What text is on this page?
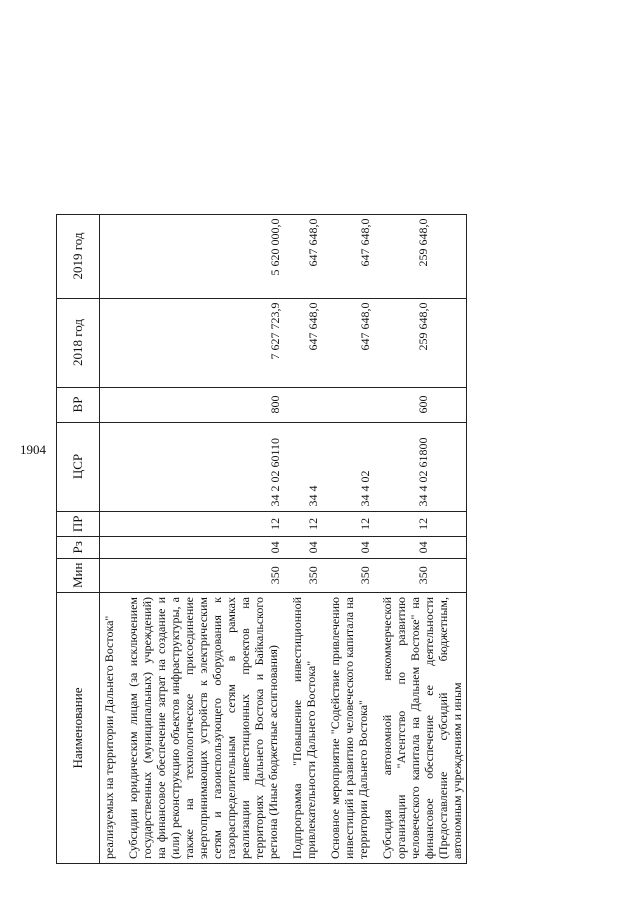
1904
Наименование	Мин	Рз	ПР	ЦСР	ВР	2018 год	2019 год
реализуемых на территории Дальнего Востока"							
Субсидии юридическим лицам (за исключением государственных (муниципальных) учреждений) на финансовое обеспечение затрат на создание и (или) реконструкцию объектов инфраструктуры, а также на технологическое присоединение энергопринимающих устройств к электрическим сетям и газоиспользующего оборудования к газораспределительным сетям в рамках реализации инвестиционных проектов на территориях Дальнего Востока и Байкальского региона (Иные бюджетные ассигнования)	350	04	12	34 2 02 60110	800	7 627 723,9	5 620 000,0
Подпрограмма "Повышение инвестиционной привлекательности Дальнего Востока"	350	04	12	34 4		647 648,0	647 648,0
Основное мероприятие "Содействие привлечению инвестиций и развитию человеческого капитала на территории Дальнего Востока"	350	04	12	34 4 02		647 648,0	647 648,0
Субсидия автономной некоммерческой организации "Агентство по развитию человеческого капитала на Дальнем Востоке" на финансовое обеспечение ее деятельности (Предоставление субсидий бюджетным, автономным учреждениям и иным	350	04	12	34 4 02 61800	600	259 648,0	259 648,0
